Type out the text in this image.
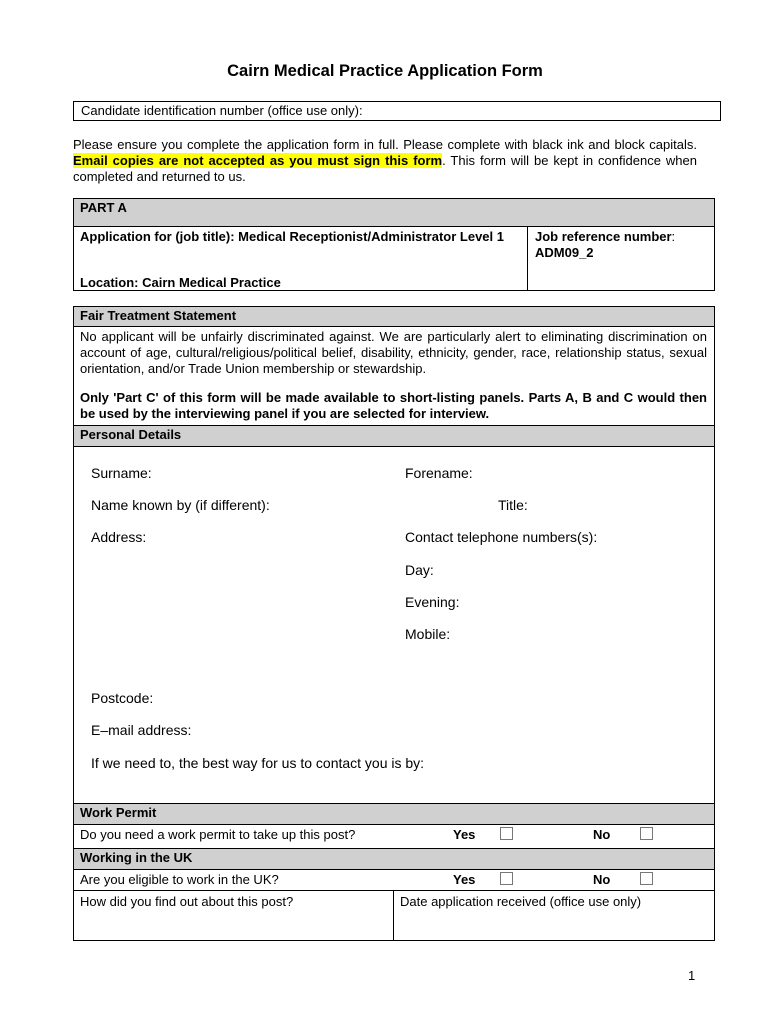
Cairn Medical Practice Application Form
Candidate identification number (office use only):
Please ensure you complete the application form in full. Please complete with black ink and block capitals. Email copies are not accepted as you must sign this form. This form will be kept in confidence when completed and returned to us.
PART A
Application for (job title): Medical Receptionist/Administrator Level 1
Location: Cairn Medical Practice
Job reference number:
ADM09_2
Fair Treatment Statement
No applicant will be unfairly discriminated against. We are particularly alert to eliminating discrimination on account of age, cultural/religious/political belief, disability, ethnicity, gender, race, relationship status, sexual orientation, and/or Trade Union membership or stewardship.
Only 'Part C' of this form will be made available to short-listing panels. Parts A, B and C would then be used by the interviewing panel if you are selected for interview.
Personal Details
Surname:	Forename:
Name known by (if different):	Title:
Address:	Contact telephone numbers(s):
Day:
Evening:
Mobile:
Postcode:
E–mail address:
If we need to, the best way for us to contact you is by:
Work Permit
Do you need a work permit to take up this post?	Yes	No
Working in the UK
Are you eligible to work in the UK?	Yes	No
How did you find out about this post?	Date application received (office use only)
1
